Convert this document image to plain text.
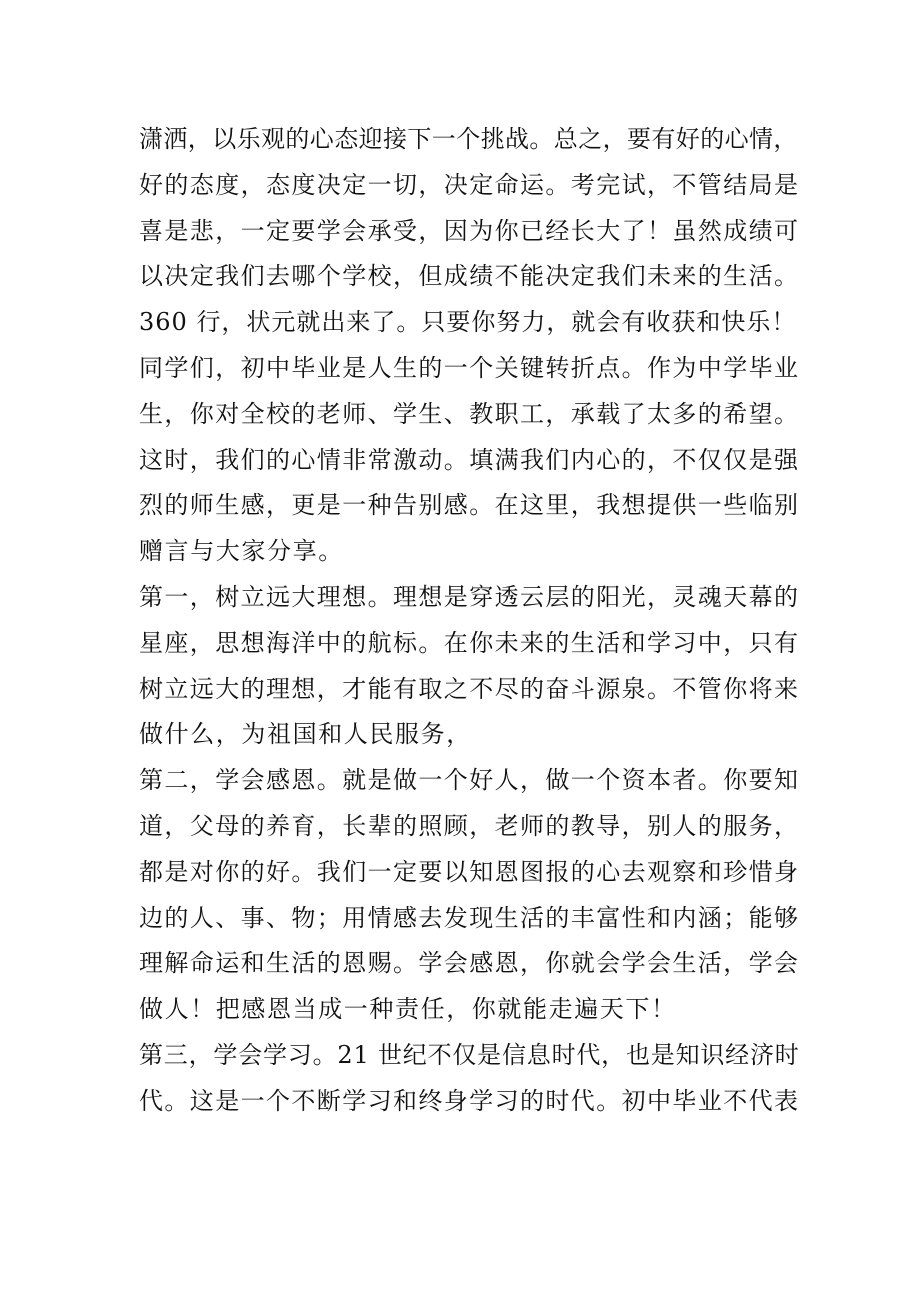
潇洒，以乐观的心态迎接下一个挑战。总之，要有好的心情，
好的态度，态度决定一切，决定命运。考完试，不管结局是
喜是悲，一定要学会承受，因为你已经长大了！虽然成绩可
以决定我们去哪个学校，但成绩不能决定我们未来的生活。
360 行，状元就出来了。只要你努力，就会有收获和快乐！
同学们，初中毕业是人生的一个关键转折点。作为中学毕业
生，你对全校的老师、学生、教职工，承载了太多的希望。
这时，我们的心情非常激动。填满我们内心的，不仅仅是强
烈的师生感，更是一种告别感。在这里，我想提供一些临别
赠言与大家分享。
第一，树立远大理想。理想是穿透云层的阳光，灵魂天幕的
星座，思想海洋中的航标。在你未来的生活和学习中，只有
树立远大的理想，才能有取之不尽的奋斗源泉。不管你将来
做什么，为祖国和人民服务，
第二，学会感恩。就是做一个好人，做一个资本者。你要知
道，父母的养育，长辈的照顾，老师的教导，别人的服务，
都是对你的好。我们一定要以知恩图报的心去观察和珍惜身
边的人、事、物；用情感去发现生活的丰富性和内涵；能够
理解命运和生活的恩赐。学会感恩，你就会学会生活，学会
做人！把感恩当成一种责任，你就能走遍天下！
第三，学会学习。21 世纪不仅是信息时代，也是知识经济时
代。这是一个不断学习和终身学习的时代。初中毕业不代表
